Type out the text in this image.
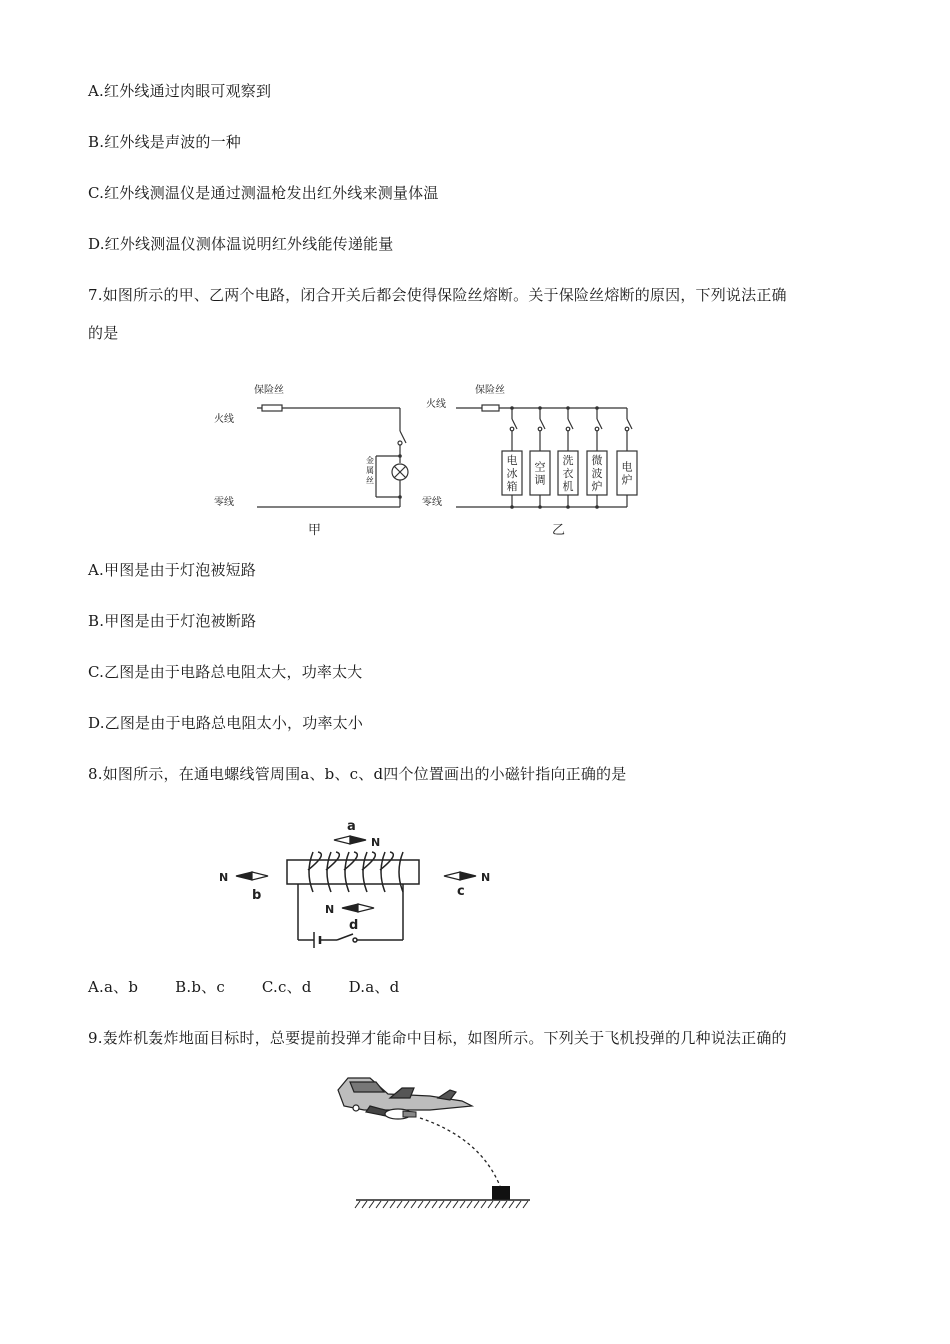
A.红外线通过肉眼可观察到
B.红外线是声波的一种
C.红外线测温仪是通过测温枪发出红外线来测量体温
D.红外线测温仪测体温说明红外线能传递能量
7.如图所示的甲、乙两个电路，闭合开关后都会使得保险丝熔断。关于保险丝熔断的原因，下列说法正确
的是
保险丝
火线
零线
金属丝
甲
保险丝
火线
零线
乙
电冰箱
空调
洗衣机
微波炉
电炉
A.甲图是由于灯泡被短路
B.甲图是由于灯泡被断路
C.乙图是由于电路总电阻太大，功率太大
D.乙图是由于电路总电阻太小，功率太小
8.如图所示，在通电螺线管周围a、b、c、d四个位置画出的小磁针指向正确的是
a
N
N
b
N
c
N
d
A.a、b B.b、c C.c、d D.a、d
9.轰炸机轰炸地面目标时，总要提前投弹才能命中目标，如图所示。下列关于飞机投弹的几种说法正确的
